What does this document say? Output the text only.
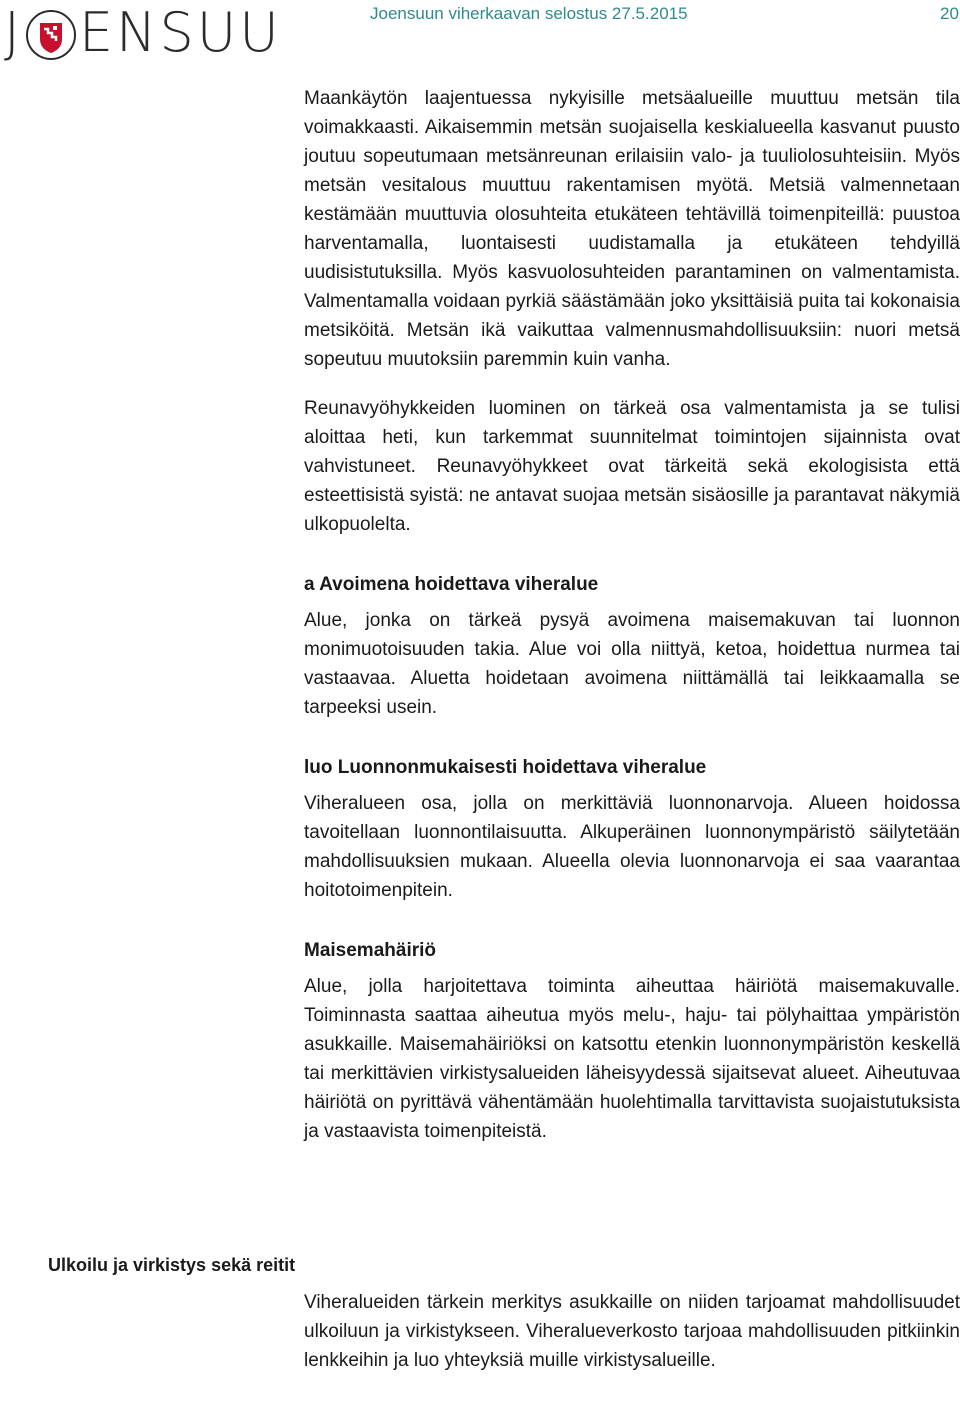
J ENSUU	Joensuun viherkaavan selostus 27.5.2015	20

Maankäytön laajentuessa nykyisille metsäalueille muuttuu metsän tila voimakkaasti. Aikaisemmin metsän suojaisella keskialueella kasvanut puusto joutuu sopeutumaan metsänreunan erilaisiin valo- ja tuuliolosuhteisiin. Myös metsän vesitalous muuttuu rakentamisen myötä. Metsiä valmennetaan kestämään muuttuvia olosuhteita etukäteen tehtävillä toimenpiteillä: puustoa harventamalla, luontaisesti uudistamalla ja etukäteen tehdyillä uudisistutuksilla. Myös kasvuolosuhteiden parantaminen on valmentamista. Valmentamalla voidaan pyrkiä säästämään joko yksittäisiä puita tai kokonaisia metsiköitä. Metsän ikä vaikuttaa valmennusmahdollisuuksiin: nuori metsä sopeutuu muutoksiin paremmin kuin vanha.

Reunavyöhykkeiden luominen on tärkeä osa valmentamista ja se tulisi aloittaa heti, kun tarkemmat suunnitelmat toimintojen sijainnista ovat vahvistuneet. Reunavyöhykkeet ovat tärkeitä sekä ekologisista että esteettisistä syistä: ne antavat suojaa metsän sisäosille ja parantavat näkymiä ulkopuolelta.

a Avoimena hoidettava viheralue

Alue, jonka on tärkeä pysyä avoimena maisemakuvan tai luonnon monimuotoisuuden takia. Alue voi olla niittyä, ketoa, hoidettua nurmea tai vastaavaa. Aluetta hoidetaan avoimena niittämällä tai leikkaamalla se tarpeeksi usein.

luo Luonnonmukaisesti hoidettava viheralue

Viheralueen osa, jolla on merkittäviä luonnonarvoja. Alueen hoidossa tavoitellaan luonnontilaisuutta. Alkuperäinen luonnonympäristö säilytetään mahdollisuuksien mukaan. Alueella olevia luonnonarvoja ei saa vaarantaa hoitotoimenpitein.

Maisemahäiriö

Alue, jolla harjoitettava toiminta aiheuttaa häiriötä maisemakuvalle. Toiminnasta saattaa aiheutua myös melu-, haju- tai pölyhaittaa ympäristön asukkaille. Maisemahäiriöksi on katsottu etenkin luonnonympäristön keskellä tai merkittävien virkistysalueiden läheisyydessä sijaitsevat alueet. Aiheutuvaa häiriötä on pyrittävä vähentämään huolehtimalla tarvittavista suojaistutuksista ja vastaavista toimenpiteistä.

Ulkoilu ja virkistys sekä reitit

Viheralueiden tärkein merkitys asukkaille on niiden tarjoamat mahdollisuudet ulkoiluun ja virkistykseen. Viheralueverkosto tarjoaa mahdollisuuden pitkiinkin lenkkeihin ja luo yhteyksiä muille virkistysalueille.
